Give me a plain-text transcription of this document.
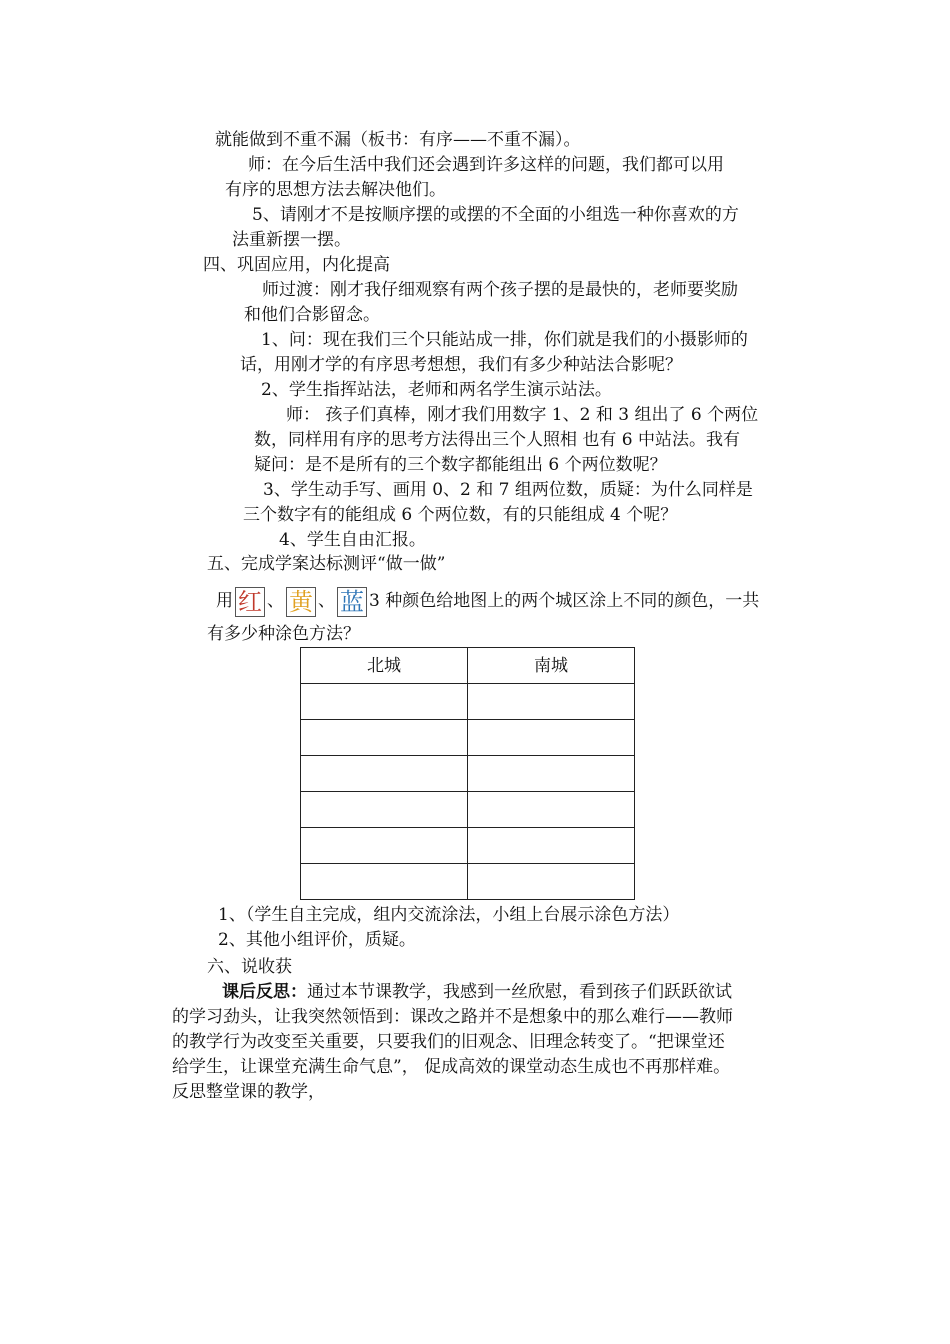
就能做到不重不漏（板书：有序——不重不漏）。
师：在今后生活中我们还会遇到许多这样的问题，我们都可以用
有序的思想方法去解决他们。
5、请刚才不是按顺序摆的或摆的不全面的小组选一种你喜欢的方
法重新摆一摆。
四、巩固应用，内化提高
师过渡：刚才我仔细观察有两个孩子摆的是最快的，老师要奖励
和他们合影留念。
1、问：现在我们三个只能站成一排，你们就是我们的小摄影师的
话，用刚才学的有序思考想想，我们有多少种站法合影呢？
2、学生指挥站法，老师和两名学生演示站法。
师： 孩子们真棒，刚才我们用数字 1、2 和 3 组出了 6 个两位
数，同样用有序的思考方法得出三个人照相 也有 6 中站法。我有
疑问：是不是所有的三个数字都能组出 6 个两位数呢？
3、学生动手写、画用 0、2 和 7 组两位数，质疑：为什么同样是
三个数字有的能组成 6 个两位数，有的只能组成 4 个呢？
4、学生自由汇报。
五、完成学案达标测评“做一做”
用 红 、 黄 、 蓝 3 种颜色给地图上的两个城区涂上不同的颜色，一共
有多少种涂色方法？
北城	南城

1、（学生自主完成，组内交流涂法，小组上台展示涂色方法）
2、其他小组评价，质疑。
六、说收获
课后反思：通过本节课教学，我感到一丝欣慰，看到孩子们跃跃欲试
的学习劲头，让我突然领悟到：课改之路并不是想象中的那么难行——教师
的教学行为改变至关重要，只要我们的旧观念、旧理念转变了。“把课堂还
给学生，让课堂充满生命气息”， 促成高效的课堂动态生成也不再那样难。
反思整堂课的教学，
